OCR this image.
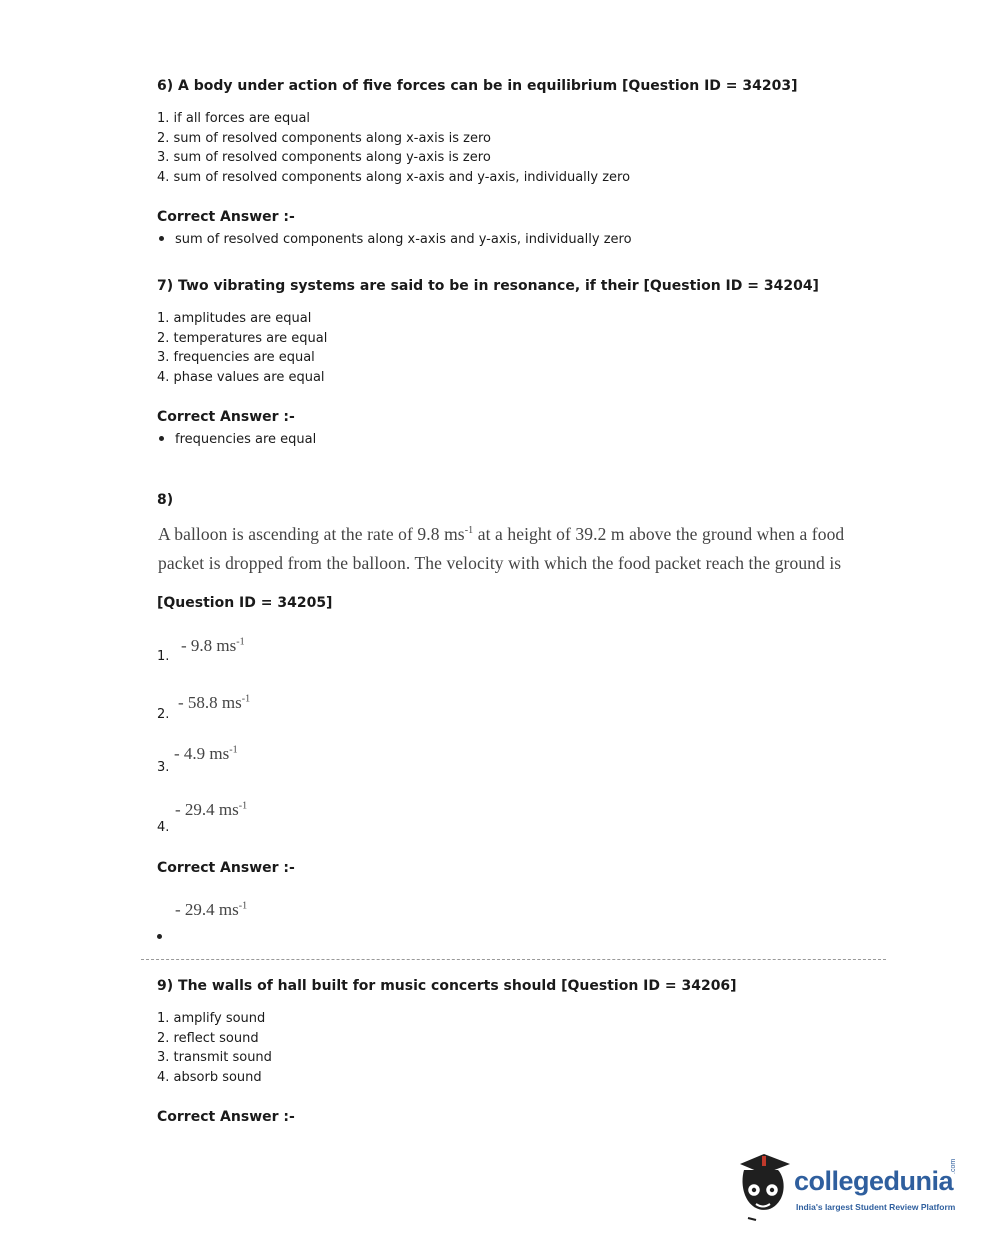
6) A body under action of five forces can be in equilibrium [Question ID = 34203]
1. if all forces are equal
2. sum of resolved components along x-axis is zero
3. sum of resolved components along y-axis is zero
4. sum of resolved components along x-axis and y-axis, individually zero
Correct Answer :-
sum of resolved components along x-axis and y-axis, individually zero
7) Two vibrating systems are said to be in resonance, if their [Question ID = 34204]
1. amplitudes are equal
2. temperatures are equal
3. frequencies are equal
4. phase values are equal
Correct Answer :-
frequencies are equal
8)
A balloon is ascending at the rate of 9.8 $ms^{-1}$ at a height of 39.2 m above the ground when a food
packet is dropped from the balloon. The velocity with which the food packet reach the ground is
[Question ID = 34205]
1.
- 9.8 $ms^{-1}$
2.
- 58.8 $ms^{-1}$
3.
- 4.9 $ms^{-1}$
4.
- 29.4 $ms^{-1}$
Correct Answer :-
- 29.4 $ms^{-1}$
9) The walls of hall built for music concerts should [Question ID = 34206]
1. amplify sound
2. reflect sound
3. transmit sound
4. absorb sound
Correct Answer :-
collegedunia
.com
India's largest Student Review Platform
